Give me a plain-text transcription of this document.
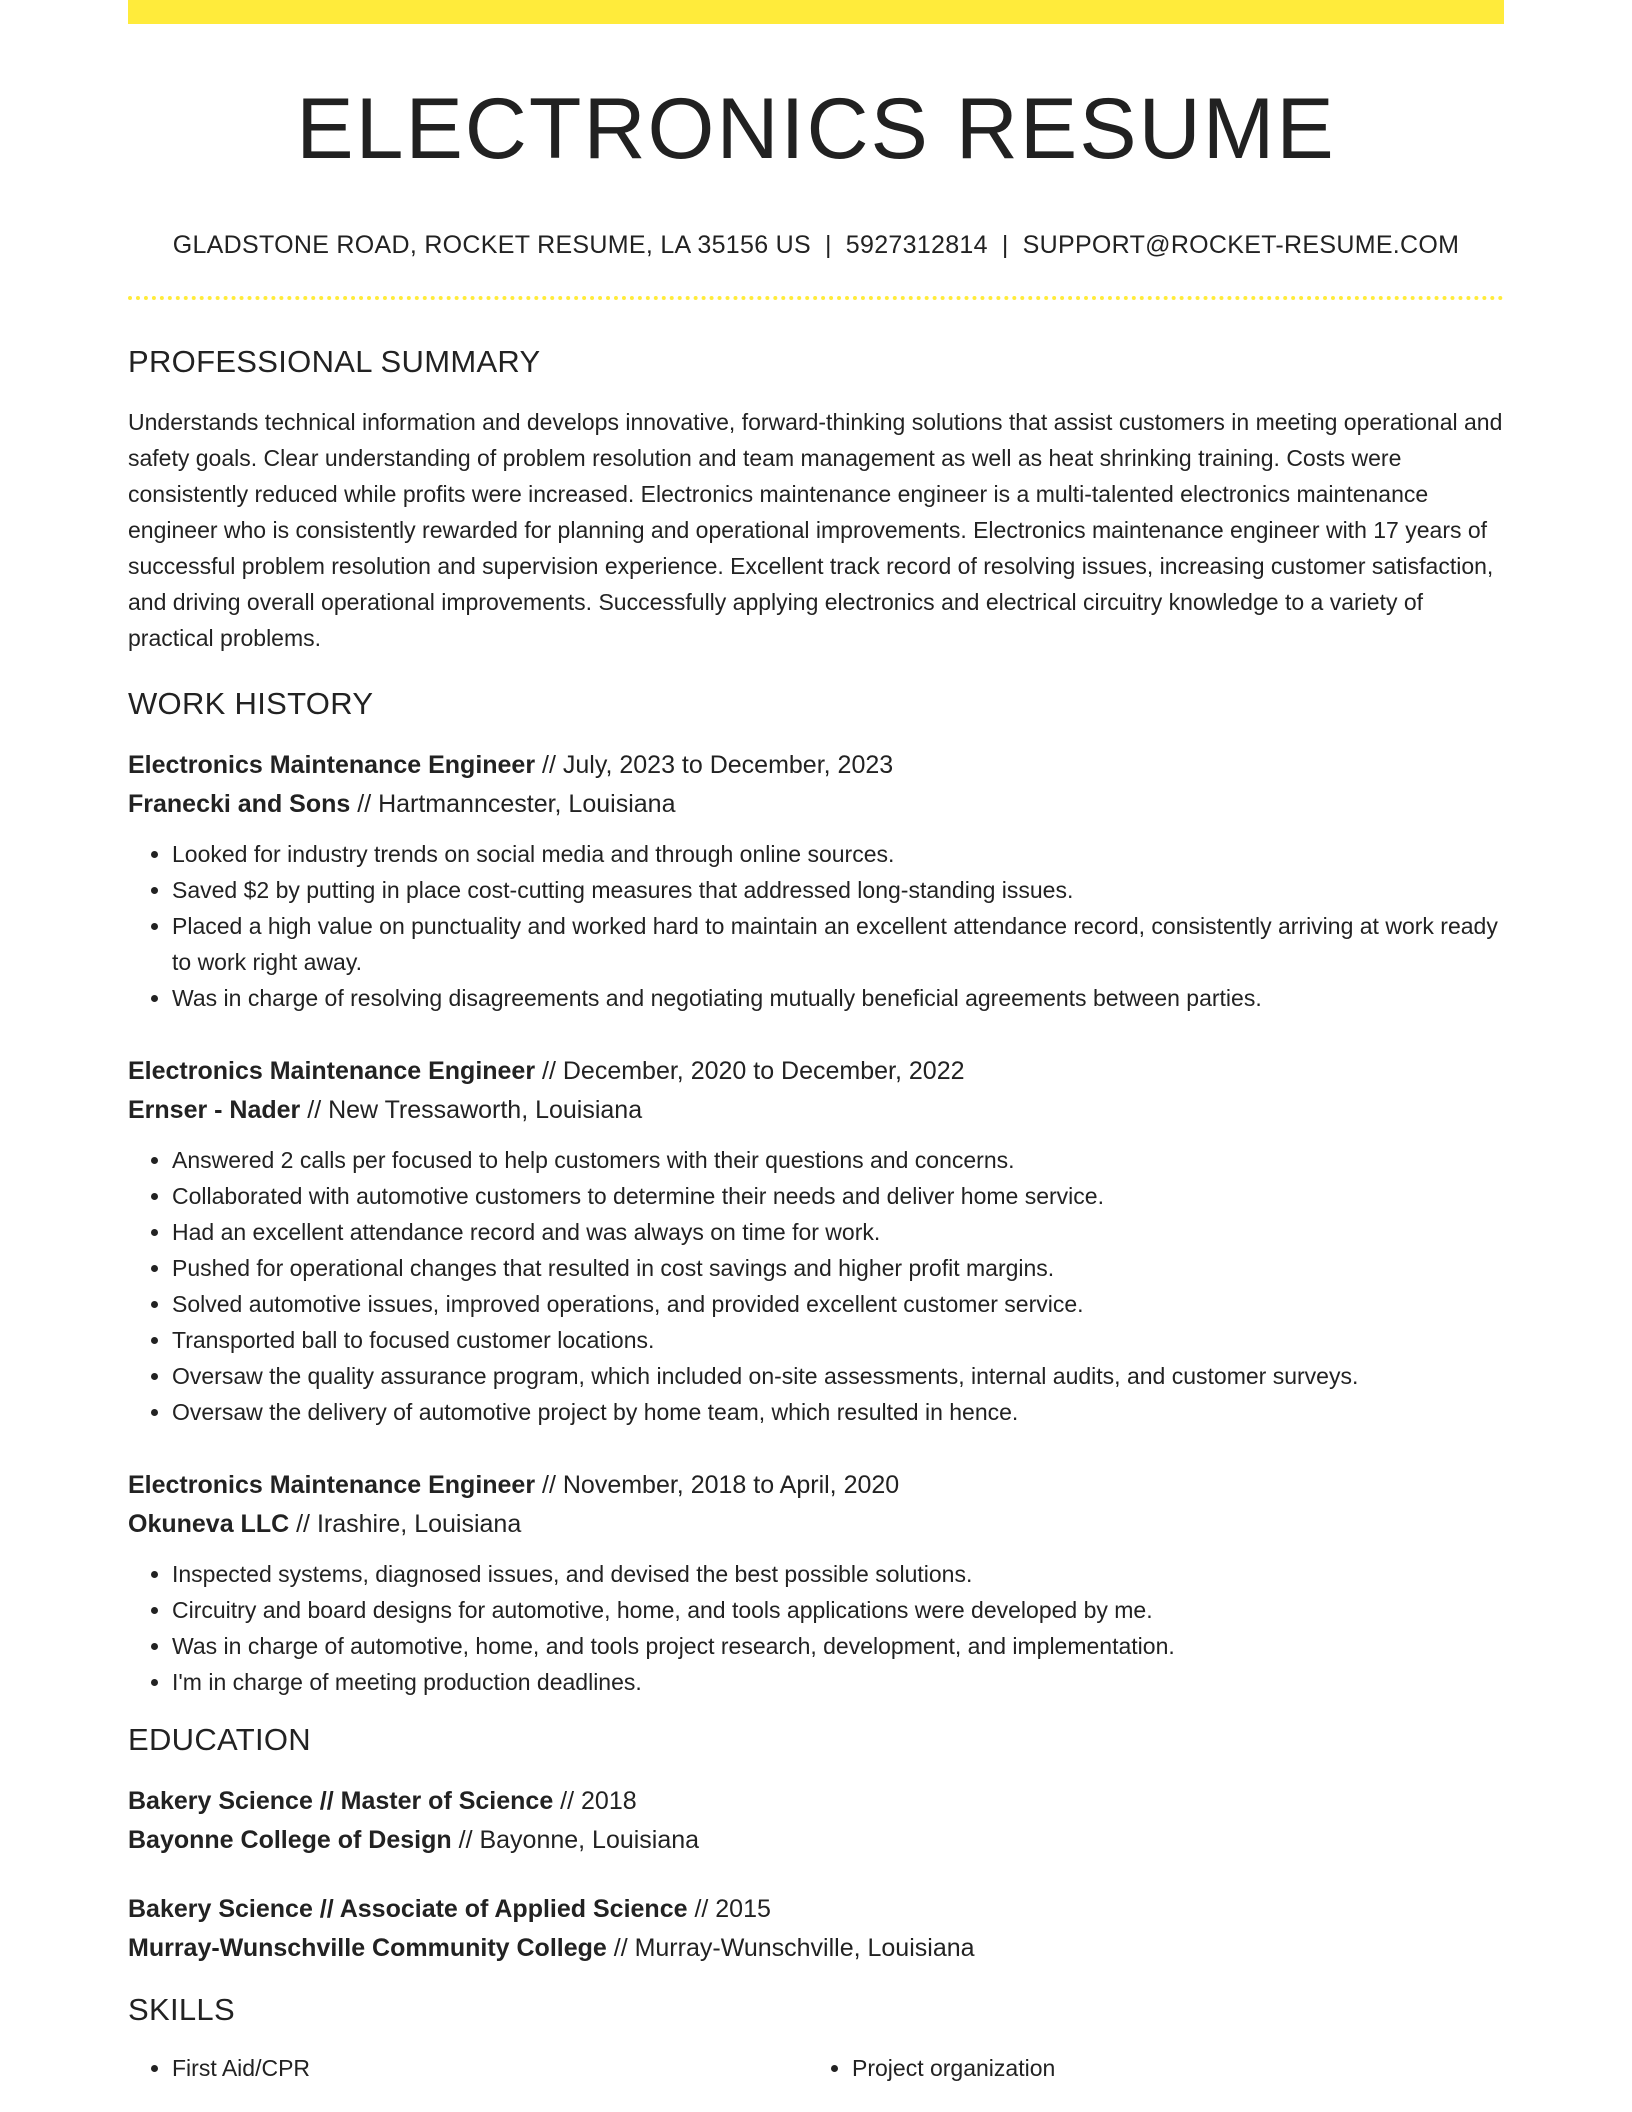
ELECTRONICS RESUME
GLADSTONE ROAD, ROCKET RESUME, LA 35156 US | 5927312814 | SUPPORT@ROCKET-RESUME.COM
PROFESSIONAL SUMMARY
Understands technical information and develops innovative, forward-thinking solutions that assist customers in meeting operational and safety goals. Clear understanding of problem resolution and team management as well as heat shrinking training. Costs were consistently reduced while profits were increased. Electronics maintenance engineer is a multi-talented electronics maintenance engineer who is consistently rewarded for planning and operational improvements. Electronics maintenance engineer with 17 years of successful problem resolution and supervision experience. Excellent track record of resolving issues, increasing customer satisfaction, and driving overall operational improvements. Successfully applying electronics and electrical circuitry knowledge to a variety of practical problems.
WORK HISTORY
Electronics Maintenance Engineer // July, 2023 to December, 2023
Franecki and Sons // Hartmanncester, Louisiana
• Looked for industry trends on social media and through online sources.
• Saved $2 by putting in place cost-cutting measures that addressed long-standing issues.
• Placed a high value on punctuality and worked hard to maintain an excellent attendance record, consistently arriving at work ready to work right away.
• Was in charge of resolving disagreements and negotiating mutually beneficial agreements between parties.
Electronics Maintenance Engineer // December, 2020 to December, 2022
Ernser - Nader // New Tressaworth, Louisiana
• Answered 2 calls per focused to help customers with their questions and concerns.
• Collaborated with automotive customers to determine their needs and deliver home service.
• Had an excellent attendance record and was always on time for work.
• Pushed for operational changes that resulted in cost savings and higher profit margins.
• Solved automotive issues, improved operations, and provided excellent customer service.
• Transported ball to focused customer locations.
• Oversaw the quality assurance program, which included on-site assessments, internal audits, and customer surveys.
• Oversaw the delivery of automotive project by home team, which resulted in hence.
Electronics Maintenance Engineer // November, 2018 to April, 2020
Okuneva LLC // Irashire, Louisiana
• Inspected systems, diagnosed issues, and devised the best possible solutions.
• Circuitry and board designs for automotive, home, and tools applications were developed by me.
• Was in charge of automotive, home, and tools project research, development, and implementation.
• I'm in charge of meeting production deadlines.
EDUCATION
Bakery Science // Master of Science // 2018
Bayonne College of Design // Bayonne, Louisiana
Bakery Science // Associate of Applied Science // 2015
Murray-Wunschville Community College // Murray-Wunschville, Louisiana
SKILLS
• First Aid/CPR
•	Project organization
